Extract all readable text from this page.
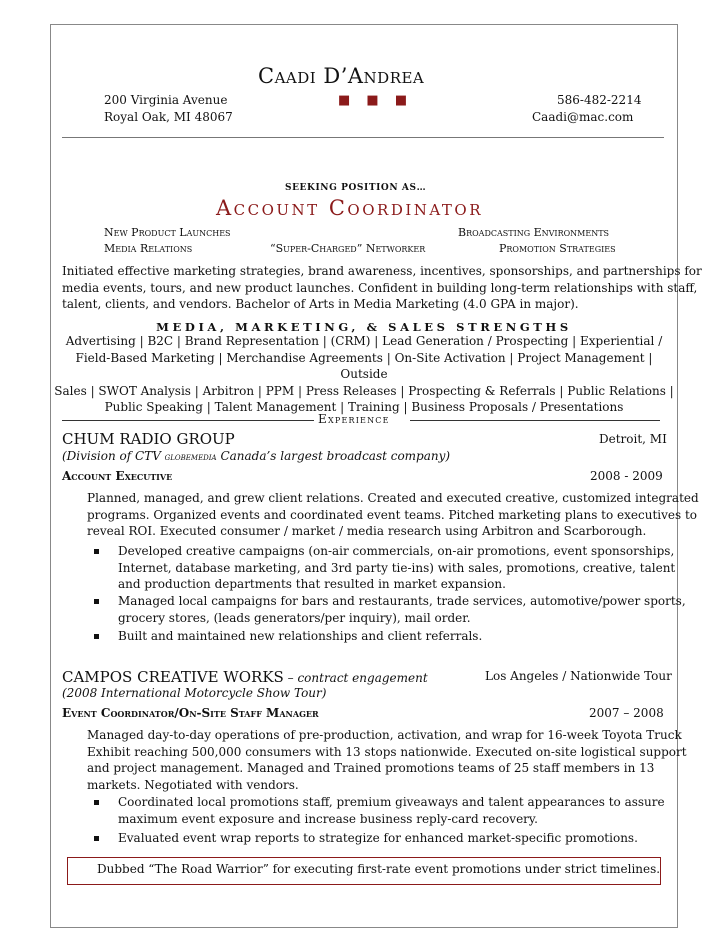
Caadi D’Andrea
■ ■ ■
200 Virginia Avenue
Royal Oak, MI 48067
586-482-2214
Caadi@mac.com
SEEKING POSITION AS…
Account Coordinator
New Product Launches	Broadcasting Environments
Media Relations	“Super-Charged” Networker	Promotion Strategies
Initiated effective marketing strategies, brand awareness, incentives, sponsorships, and partnerships for
media events, tours, and new product launches. Confident in building long-term relationships with staff,
talent, clients, and vendors. Bachelor of Arts in Media Marketing (4.0 GPA in major).
MEDIA, MARKETING, & SALES STRENGTHS
Advertising | B2C | Brand Representation | (CRM) | Lead Generation / Prospecting | Experiential /
Field-Based Marketing | Merchandise Agreements | On-Site Activation | Project Management | Outside
Sales | SWOT Analysis | Arbitron | PPM | Press Releases | Prospecting & Referrals | Public Relations |
Public Speaking | Talent Management | Training | Business Proposals / Presentations
Experience
CHUM RADIO GROUP	Detroit, MI
(Division of CTV globemedia Canada’s largest broadcast company)
Account Executive	2008 - 2009
Planned, managed, and grew client relations. Created and executed creative, customized integrated
programs. Organized events and coordinated event teams. Pitched marketing plans to executives to
reveal ROI. Executed consumer / market / media research using Arbitron and Scarborough.
Developed creative campaigns (on-air commercials, on-air promotions, event sponsorships,
Internet, database marketing, and 3rd party tie-ins) with sales, promotions, creative, talent
and production departments that resulted in market expansion.
Managed local campaigns for bars and restaurants, trade services, automotive/power sports,
grocery stores, (leads generators/per inquiry), mail order.
Built and maintained new relationships and client referrals.
CAMPOS CREATIVE WORKS – contract engagement	Los Angeles / Nationwide Tour
(2008 International Motorcycle Show Tour)
Event Coordinator/On-Site Staff Manager	2007 – 2008
Managed day-to-day operations of pre-production, activation, and wrap for 16-week Toyota Truck
Exhibit reaching 500,000 consumers with 13 stops nationwide. Executed on-site logistical support
and project management. Managed and Trained promotions teams of 25 staff members in 13
markets. Negotiated with vendors.
Coordinated local promotions staff, premium giveaways and talent appearances to assure
maximum event exposure and increase business reply-card recovery.
Evaluated event wrap reports to strategize for enhanced market-specific promotions.
Dubbed “The Road Warrior” for executing first-rate event promotions under strict timelines.
